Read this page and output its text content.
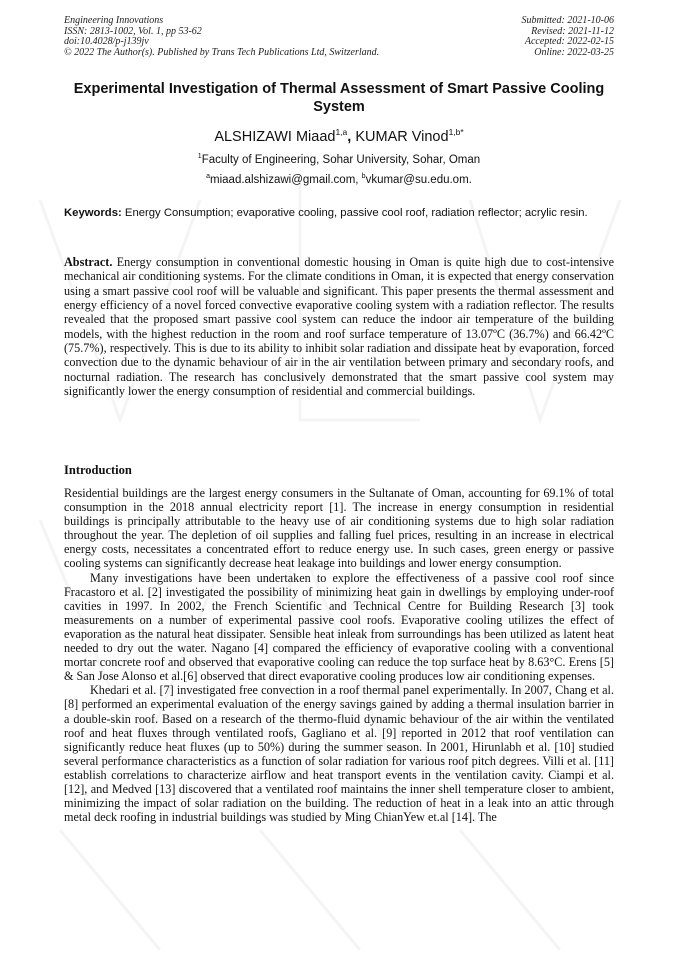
Engineering Innovations
ISSN: 2813-1002, Vol. 1, pp 53-62
doi:10.4028/p-j139jv
© 2022 The Author(s). Published by Trans Tech Publications Ltd, Switzerland.
Submitted: 2021-10-06
Revised: 2021-11-12
Accepted: 2022-02-15
Online: 2022-03-25
Experimental Investigation of Thermal Assessment of Smart Passive Cooling System
ALSHIZAWI Miaad$^{1,a}$, KUMAR Vinod$^{1,b*}$
$^1$Faculty of Engineering, Sohar University, Sohar, Oman
$^a$miaad.alshizawi@gmail.com, $^b$vkumar@su.edu.om.
Keywords: Energy Consumption; evaporative cooling, passive cool roof, radiation reflector; acrylic resin.
Abstract. Energy consumption in conventional domestic housing in Oman is quite high due to cost-intensive mechanical air conditioning systems. For the climate conditions in Oman, it is expected that energy conservation using a smart passive cool roof will be valuable and significant. This paper presents the thermal assessment and energy efficiency of a novel forced convective evaporative cooling system with a radiation reflector. The results revealed that the proposed smart passive cool system can reduce the indoor air temperature of the building models, with the highest reduction in the room and roof surface temperature of 13.07ºC (36.7%) and 66.42ºC (75.7%), respectively. This is due to its ability to inhibit solar radiation and dissipate heat by evaporation, forced convection due to the dynamic behaviour of air in the air ventilation between primary and secondary roofs, and nocturnal radiation. The research has conclusively demonstrated that the smart passive cool system may significantly lower the energy consumption of residential and commercial buildings.
Introduction

Residential buildings are the largest energy consumers in the Sultanate of Oman, accounting for 69.1% of total consumption in the 2018 annual electricity report [1]. The increase in energy consumption in residential buildings is principally attributable to the heavy use of air conditioning systems due to high solar radiation throughout the year. The depletion of oil supplies and falling fuel prices, resulting in an increase in electrical energy costs, necessitates a concentrated effort to reduce energy use. In such cases, green energy or passive cooling systems can significantly decrease heat leakage into buildings and lower energy consumption.

Many investigations have been undertaken to explore the effectiveness of a passive cool roof since Fracastoro et al. [2] investigated the possibility of minimizing heat gain in dwellings by employing under-roof cavities in 1997. In 2002, the French Scientific and Technical Centre for Building Research [3] took measurements on a number of experimental passive cool roofs. Evaporative cooling utilizes the effect of evaporation as the natural heat dissipater. Sensible heat inleak from surroundings has been utilized as latent heat needed to dry out the water. Nagano [4] compared the efficiency of evaporative cooling with a conventional mortar concrete roof and observed that evaporative cooling can reduce the top surface heat by 8.63°C. Erens [5] & San Jose Alonso et al.[6] observed that direct evaporative cooling produces low air conditioning expenses.

Khedari et al. [7] investigated free convection in a roof thermal panel experimentally. In 2007, Chang et al. [8] performed an experimental evaluation of the energy savings gained by adding a thermal insulation barrier in a double-skin roof. Based on a research of the thermo-fluid dynamic behaviour of the air within the ventilated roof and heat fluxes through ventilated roofs, Gagliano et al. [9] reported in 2012 that roof ventilation can significantly reduce heat fluxes (up to 50%) during the summer season. In 2001, Hirunlabh et al. [10] studied several performance characteristics as a function of solar radiation for various roof pitch degrees. Villi et al. [11] establish correlations to characterize airflow and heat transport events in the ventilation cavity. Ciampi et al. [12], and Medved [13] discovered that a ventilated roof maintains the inner shell temperature closer to ambient, minimizing the impact of solar radiation on the building. The reduction of heat in a leak into an attic through metal deck roofing in industrial buildings was studied by Ming ChianYew et.al [14]. The
